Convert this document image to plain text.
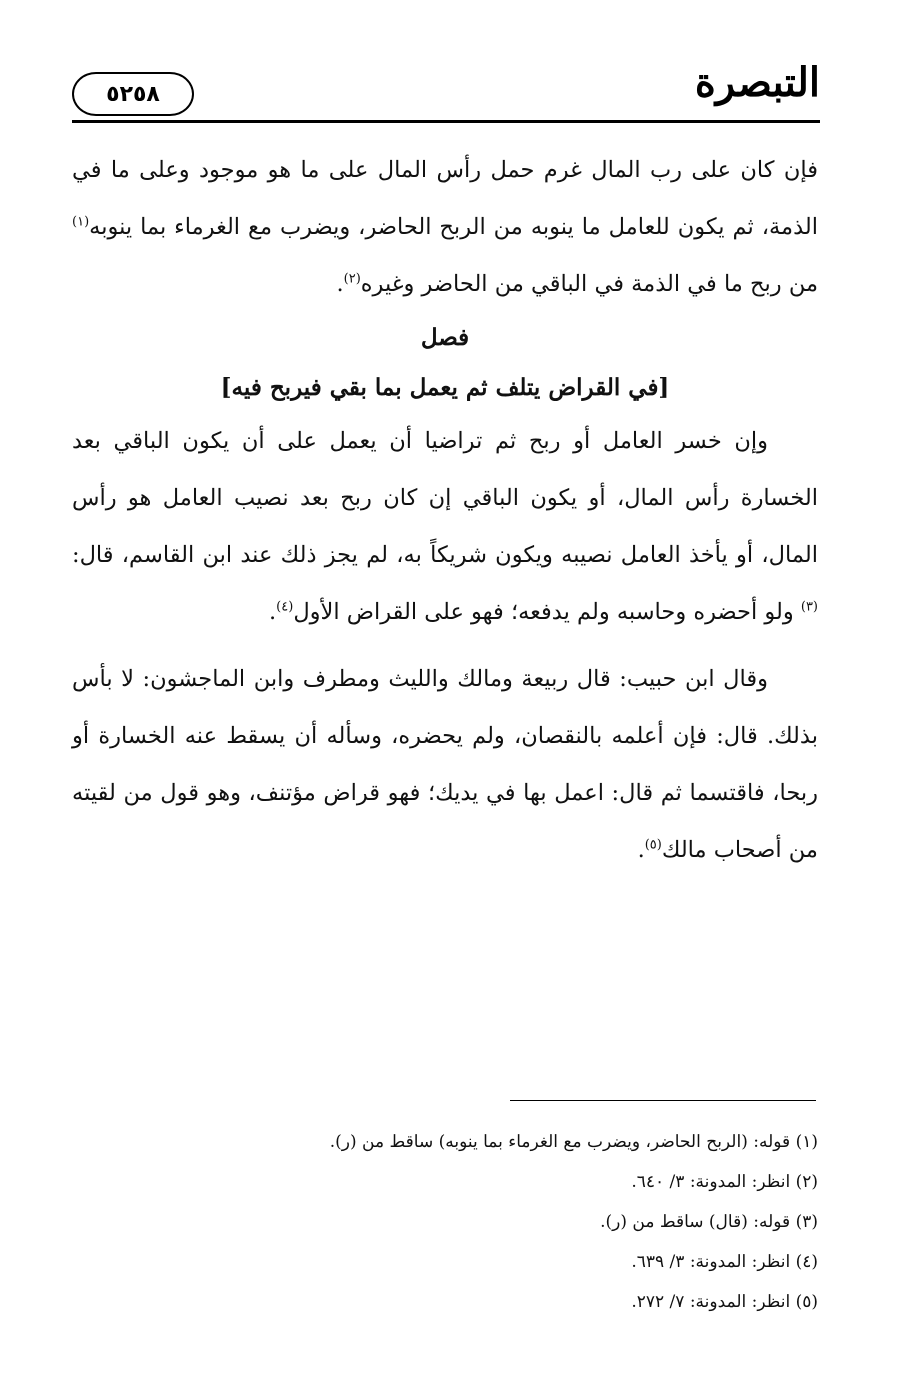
التبصرة
٥٢٥٨

فإن كان على رب المال غرم حمل رأس المال على ما هو موجود وعلى ما في الذمة، ثم يكون للعامل ما ينوبه من الربح الحاضر، ويضرب مع الغرماء بما ينوبه$^{(١)}$ من ربح ما في الذمة في الباقي من الحاضر وغيره$^{(٢)}$.

فصل

[في القراض يتلف ثم يعمل بما بقي فيربح فيه]

وإن خسر العامل أو ربح ثم تراضيا أن يعمل على أن يكون الباقي بعد الخسارة رأس المال، أو يكون الباقي إن كان ربح بعد نصيب العامل هو رأس المال، أو يأخذ العامل نصيبه ويكون شريكاً به، لم يجز ذلك عند ابن القاسم، قال: $^{(٣)}$ ولو أحضره وحاسبه ولم يدفعه؛ فهو على القراض الأول$^{(٤)}$.

وقال ابن حبيب: قال ربيعة ومالك والليث ومطرف وابن الماجشون: لا بأس بذلك. قال: فإن أعلمه بالنقصان، ولم يحضره، وسأله أن يسقط عنه الخسارة أو ربحا، فاقتسما ثم قال: اعمل بها في يديك؛ فهو قراض مؤتنف، وهو قول من لقيته من أصحاب مالك$^{(٥)}$.

(١) قوله: (الربح الحاضر، ويضرب مع الغرماء بما ينوبه) ساقط من (ر).

(٢) انظر: المدونة: ٣/ ٦٤٠.

(٣) قوله: (قال) ساقط من (ر).

(٤) انظر: المدونة: ٣/ ٦٣٩.

(٥) انظر: المدونة: ٧/ ٢٧٢.
